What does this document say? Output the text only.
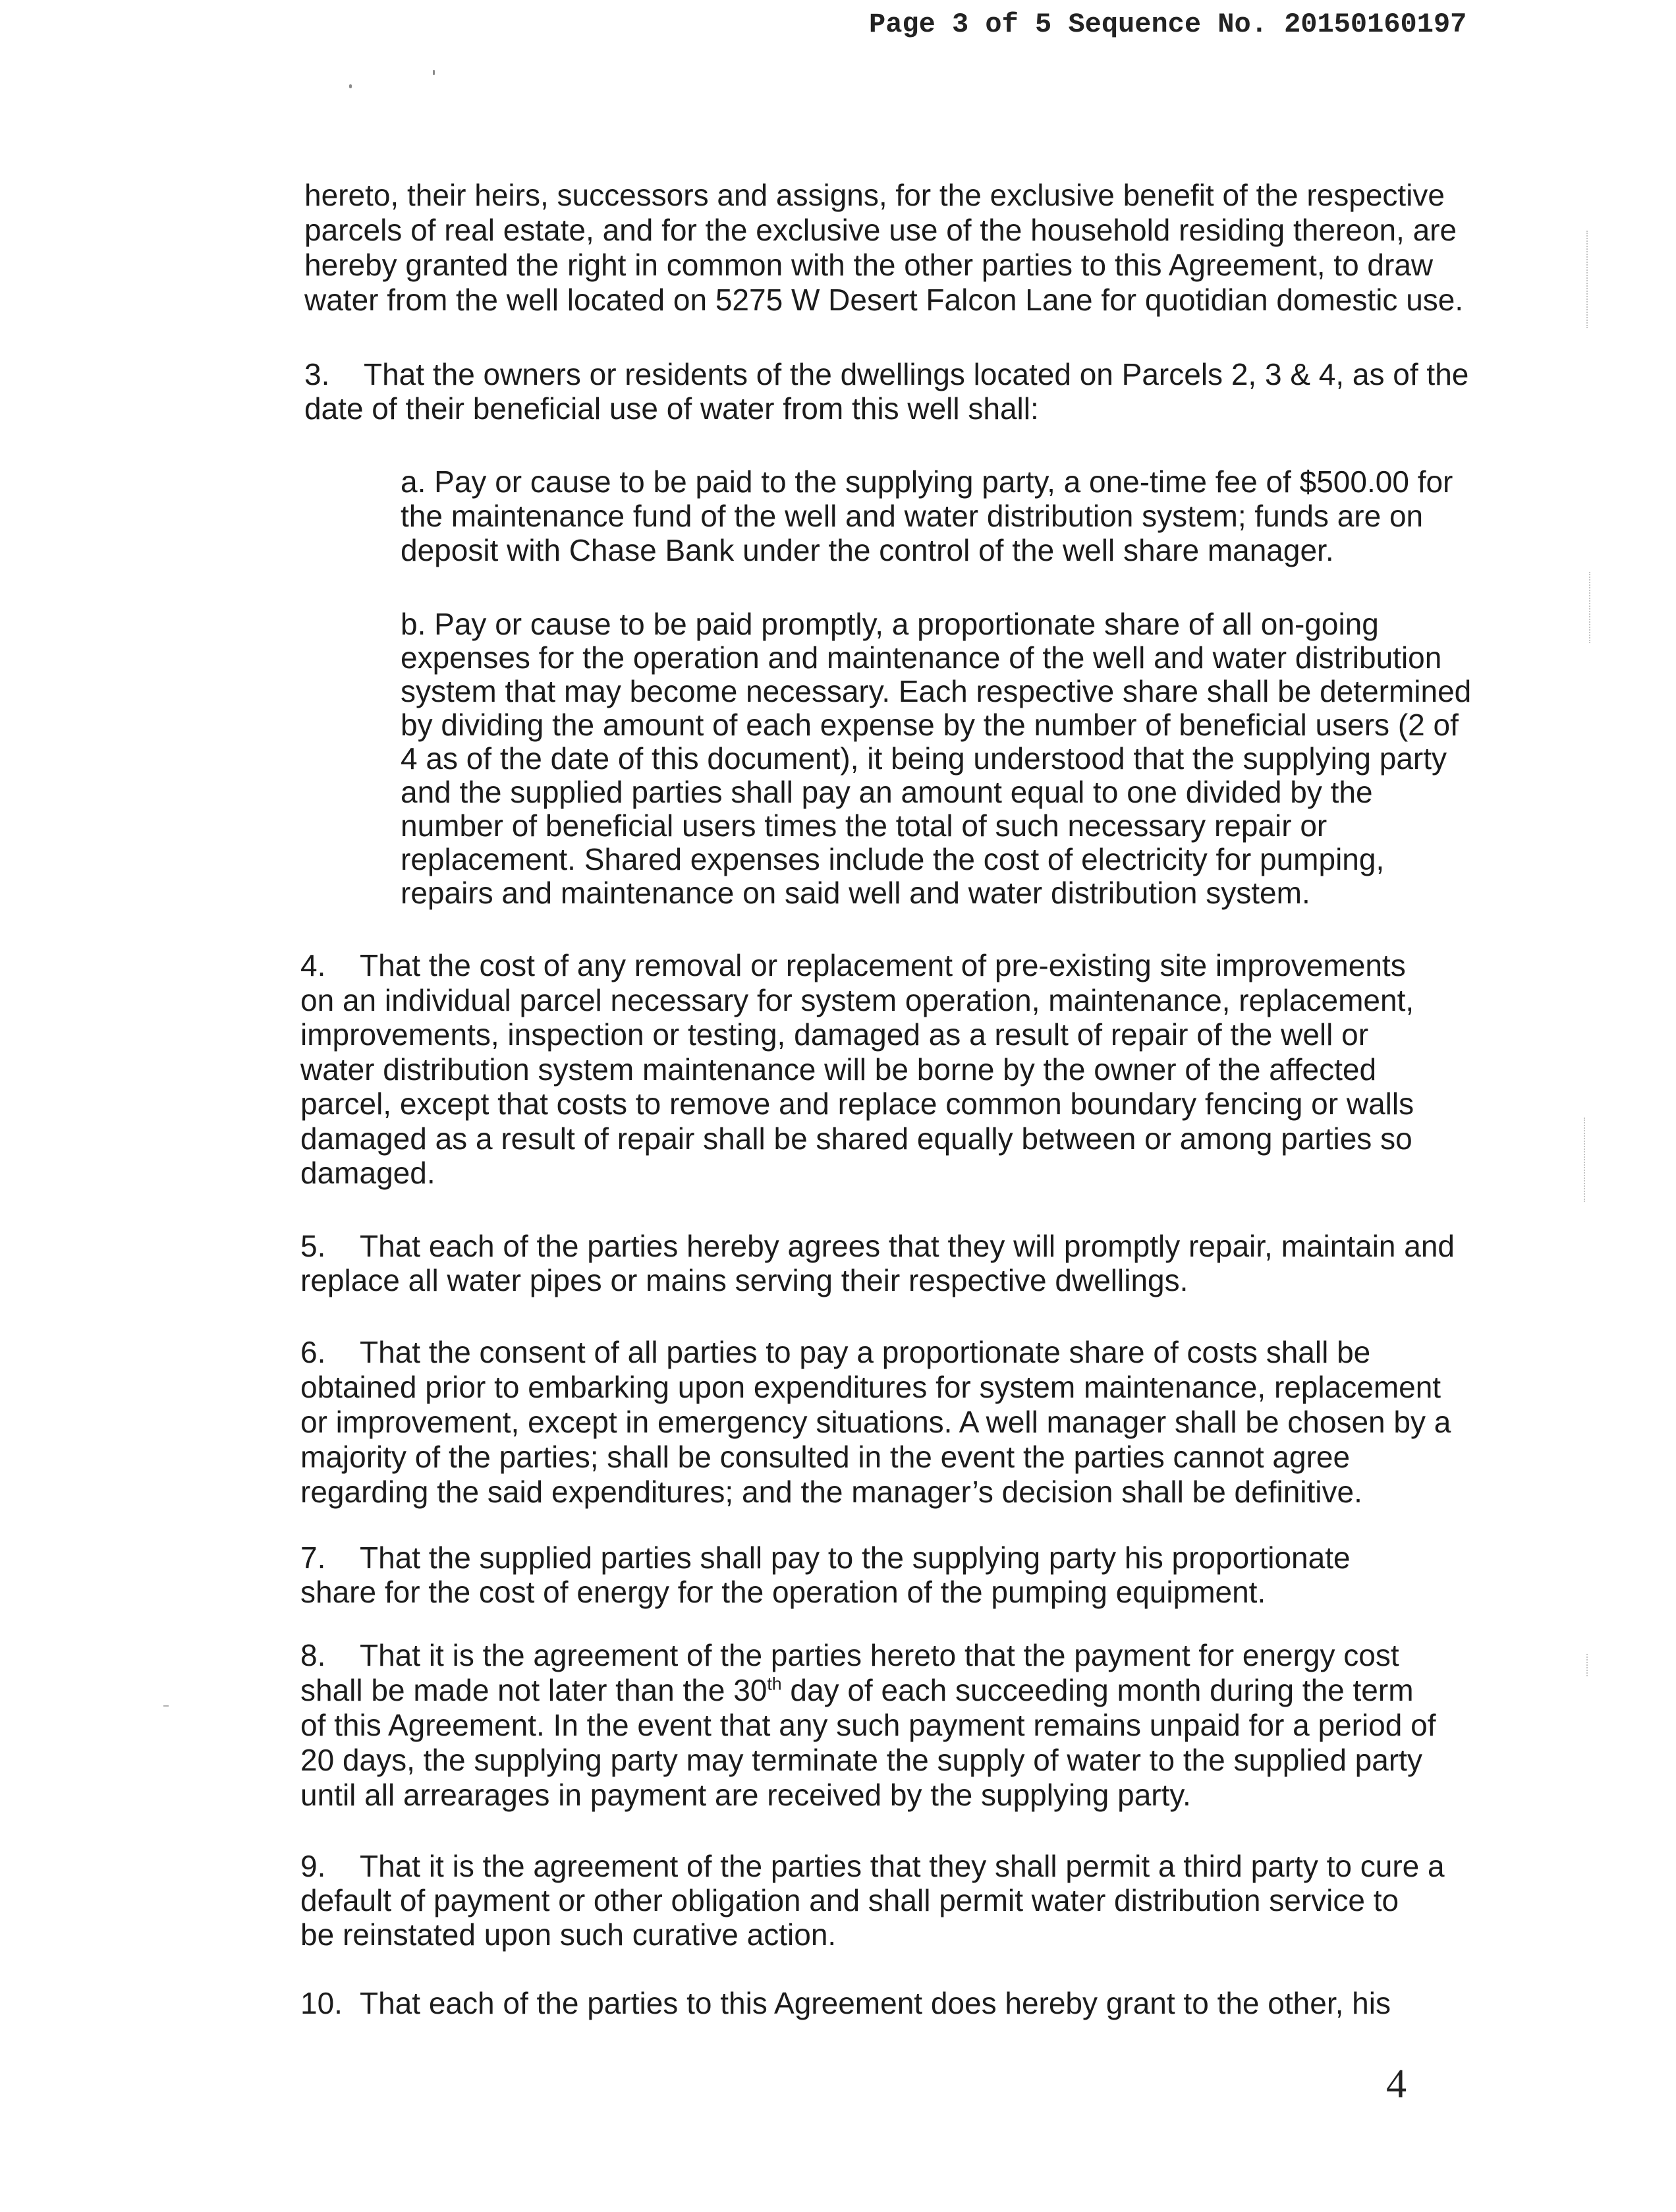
Page 3 of 5 Sequence No. 20150160197
hereto, their heirs, successors and assigns, for the exclusive benefit of the respective
parcels of real estate, and for the exclusive use of the household residing thereon, are
hereby granted the right in common with the other parties to this Agreement, to draw
water from the well located on 5275 W Desert Falcon Lane for quotidian domestic use.
3. That the owners or residents of the dwellings located on Parcels 2, 3 & 4, as of the
date of their beneficial use of water from this well shall:
a. Pay or cause to be paid to the supplying party, a one-time fee of $500.00 for
the maintenance fund of the well and water distribution system; funds are on
deposit with Chase Bank under the control of the well share manager.
b. Pay or cause to be paid promptly, a proportionate share of all on-going
expenses for the operation and maintenance of the well and water distribution
system that may become necessary. Each respective share shall be determined
by dividing the amount of each expense by the number of beneficial users (2 of
4 as of the date of this document), it being understood that the supplying party
and the supplied parties shall pay an amount equal to one divided by the
number of beneficial users times the total of such necessary repair or
replacement. Shared expenses include the cost of electricity for pumping,
repairs and maintenance on said well and water distribution system.
4. That the cost of any removal or replacement of pre-existing site improvements
on an individual parcel necessary for system operation, maintenance, replacement,
improvements, inspection or testing, damaged as a result of repair of the well or
water distribution system maintenance will be borne by the owner of the affected
parcel, except that costs to remove and replace common boundary fencing or walls
damaged as a result of repair shall be shared equally between or among parties so
damaged.
5. That each of the parties hereby agrees that they will promptly repair, maintain and
replace all water pipes or mains serving their respective dwellings.
6. That the consent of all parties to pay a proportionate share of costs shall be
obtained prior to embarking upon expenditures for system maintenance, replacement
or improvement, except in emergency situations. A well manager shall be chosen by a
majority of the parties; shall be consulted in the event the parties cannot agree
regarding the said expenditures; and the manager’s decision shall be definitive.
7. That the supplied parties shall pay to the supplying party his proportionate
share for the cost of energy for the operation of the pumping equipment.
8. That it is the agreement of the parties hereto that the payment for energy cost
shall be made not later than the 30th day of each succeeding month during the term
of this Agreement. In the event that any such payment remains unpaid for a period of
20 days, the supplying party may terminate the supply of water to the supplied party
until all arrearages in payment are received by the supplying party.
9. That it is the agreement of the parties that they shall permit a third party to cure a
default of payment or other obligation and shall permit water distribution service to
be reinstated upon such curative action.
10. That each of the parties to this Agreement does hereby grant to the other, his
4
